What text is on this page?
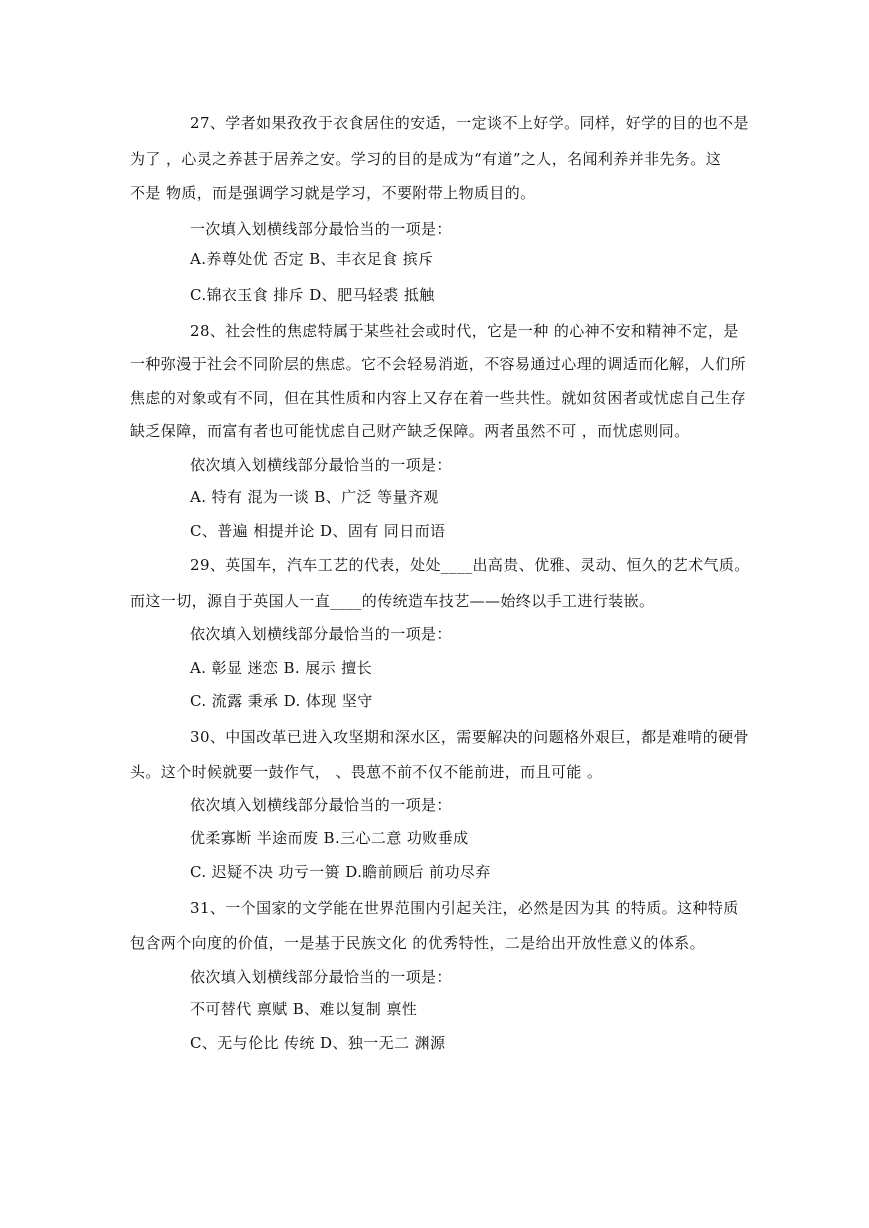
27、学者如果孜孜于衣食居住的安适，一定谈不上好学。同样，好学的目的也不是
为了 ，心灵之养甚于居养之安。学习的目的是成为“有道”之人，名闻利养并非先务。这
不是 物质，而是强调学习就是学习，不要附带上物质目的。
一次填入划横线部分最恰当的一项是：
A.养尊处优 否定 B、丰衣足食 摈斥
C.锦衣玉食 排斥 D、肥马轻裘 抵触
28、社会性的焦虑特属于某些社会或时代，它是一种 的心神不安和精神不定，是
一种弥漫于社会不同阶层的焦虑。它不会轻易消逝，不容易通过心理的调适而化解，人们所
焦虑的对象或有不同，但在其性质和内容上又存在着一些共性。就如贫困者或忧虑自己生存
缺乏保障，而富有者也可能忧虑自己财产缺乏保障。两者虽然不可 ，而忧虑则同。
依次填入划横线部分最恰当的一项是：
A. 特有 混为一谈 B、广泛 等量齐观
C、普遍 相提并论 D、固有 同日而语
29、英国车，汽车工艺的代表，处处____出高贵、优雅、灵动、恒久的艺术气质。
而这一切，源自于英国人一直____的传统造车技艺——始终以手工进行装嵌。
依次填入划横线部分最恰当的一项是：
A. 彰显 迷恋 B. 展示 擅长
C. 流露 秉承 D. 体现 坚守
30、中国改革已进入攻坚期和深水区，需要解决的问题格外艰巨，都是难啃的硬骨
头。这个时候就要一鼓作气， 、畏葸不前不仅不能前进，而且可能 。
依次填入划横线部分最恰当的一项是：
优柔寡断 半途而废 B.三心二意 功败垂成
C. 迟疑不决 功亏一篑 D.瞻前顾后 前功尽弃
31、一个国家的文学能在世界范围内引起关注，必然是因为其 的特质。这种特质
包含两个向度的价值，一是基于民族文化 的优秀特性，二是给出开放性意义的体系。
依次填入划横线部分最恰当的一项是：
不可替代 禀赋 B、难以复制 禀性
C、无与伦比 传统 D、独一无二 渊源
